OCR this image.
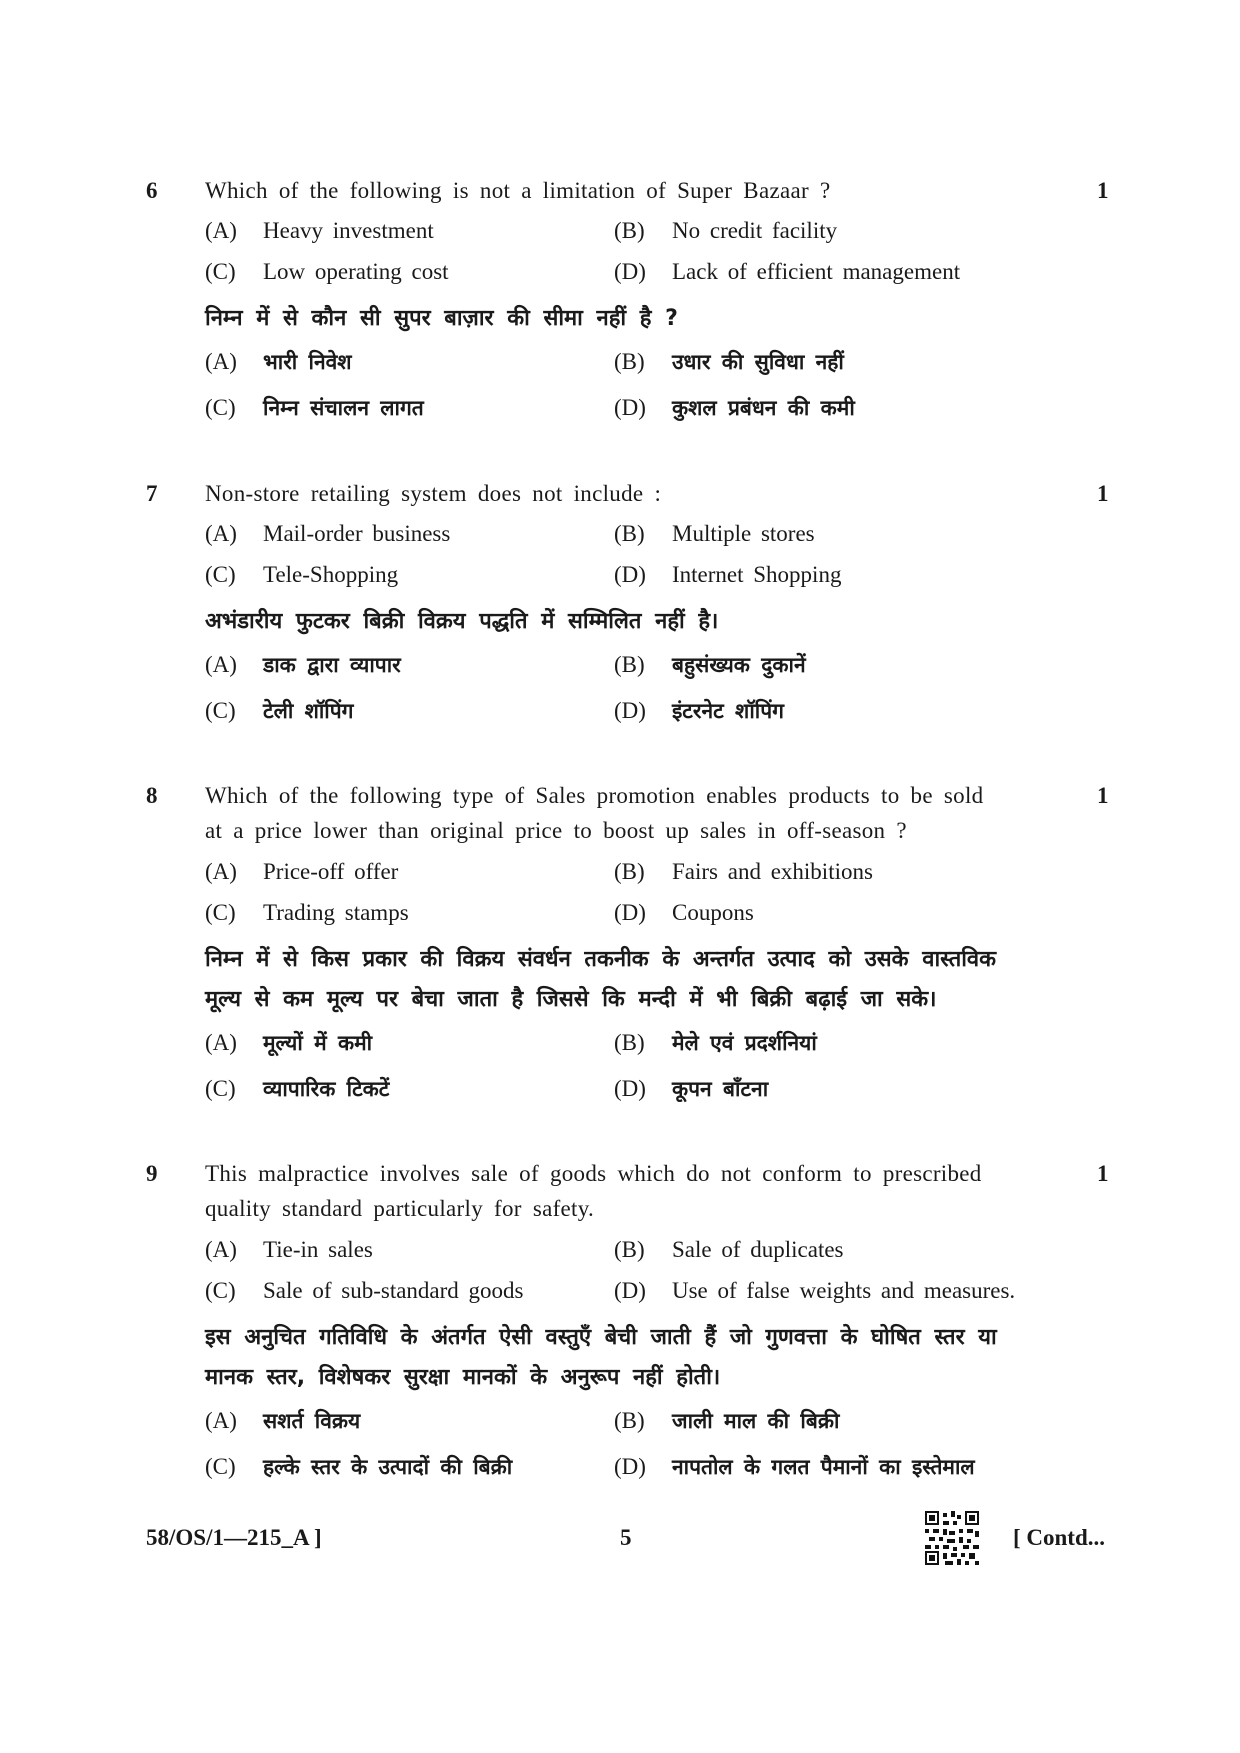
6	1
Which of the following is not a limitation of Super Bazaar ?
(A) Heavy investment	(B) No credit facility
(C) Low operating cost	(D) Lack of efficient management
निम्न में से कौन सी सुपर बाज़ार की सीमा नहीं है ?
(A) भारी निवेश	(B) उधार की सुविधा नहीं
(C) निम्न संचालन लागत	(D) कुशल प्रबंधन की कमी
7	1
Non-store retailing system does not include :
(A) Mail-order business	(B) Multiple stores
(C) Tele-Shopping	(D) Internet Shopping
अभंडारीय फुटकर बिक्री विक्रय पद्धति में सम्मिलित नहीं है।
(A) डाक द्वारा व्यापार	(B) बहुसंख्यक दुकानें
(C) टेली शॉपिंग	(D) इंटरनेट शॉपिंग
8	1
Which of the following type of Sales promotion enables products to be sold
at a price lower than original price to boost up sales in off-season ?
(A) Price-off offer	(B) Fairs and exhibitions
(C) Trading stamps	(D) Coupons
निम्न में से किस प्रकार की विक्रय संवर्धन तकनीक के अन्तर्गत उत्पाद को उसके वास्तविक
मूल्य से कम मूल्य पर बेचा जाता है जिससे कि मन्दी में भी बिक्री बढ़ाई जा सके।
(A) मूल्यों में कमी	(B) मेले एवं प्रदर्शनियां
(C) व्यापारिक टिकटें	(D) कूपन बाँटना
9	1
This malpractice involves sale of goods which do not conform to prescribed
quality standard particularly for safety.
(A) Tie-in sales	(B) Sale of duplicates
(C) Sale of sub-standard goods	(D) Use of false weights and measures.
इस अनुचित गतिविधि के अंतर्गत ऐसी वस्तुएँ बेची जाती हैं जो गुणवत्ता के घोषित स्तर या
मानक स्तर, विशेषकर सुरक्षा मानकों के अनुरूप नहीं होती।
(A) सशर्त विक्रय	(B) जाली माल की बिक्री
(C) हल्के स्तर के उत्पादों की बिक्री	(D) नापतोल के गलत पैमानों का इस्तेमाल
58/OS/1—215_A ]	5	[ Contd...
